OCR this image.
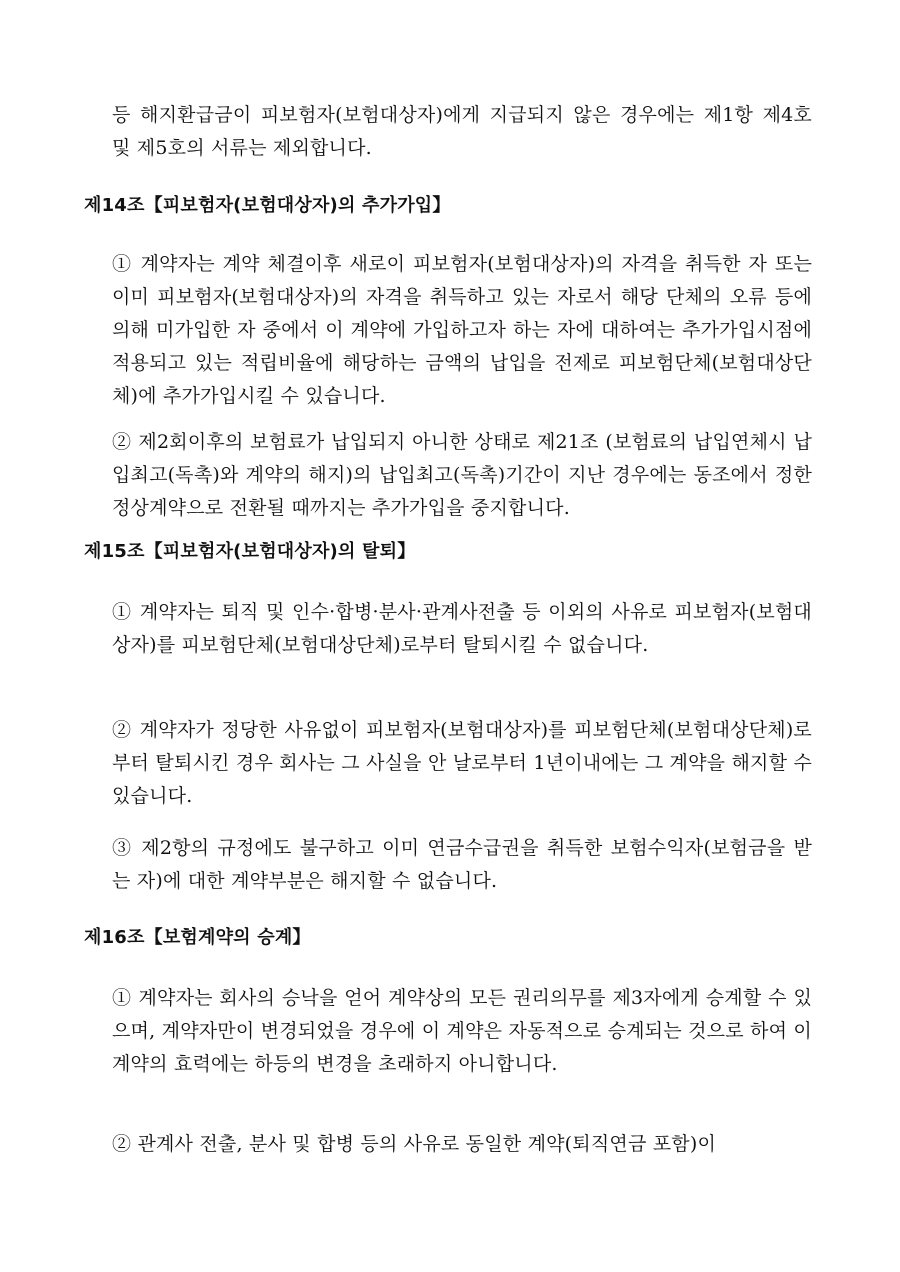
등 해지환급금이 피보험자(보험대상자)에게 지급되지 않은 경우에는 제1항 제4호 및 제5호의 서류는 제외합니다.

제14조【피보험자(보험대상자)의 추가가입】

① 계약자는 계약 체결이후 새로이 피보험자(보험대상자)의 자격을 취득한 자 또는 이미 피보험자(보험대상자)의 자격을 취득하고 있는 자로서 해당 단체의 오류 등에 의해 미가입한 자 중에서 이 계약에 가입하고자 하는 자에 대하여는 추가가입시점에 적용되고 있는 적립비율에 해당하는 금액의 납입을 전제로 피보험단체(보험대상단체)에 추가가입시킬 수 있습니다.

② 제2회이후의 보험료가 납입되지 아니한 상태로 제21조 (보험료의 납입연체시 납입최고(독촉)와 계약의 해지)의 납입최고(독촉)기간이 지난 경우에는 동조에서 정한 정상계약으로 전환될 때까지는 추가가입을 중지합니다.

제15조【피보험자(보험대상자)의 탈퇴】

① 계약자는 퇴직 및 인수·합병·분사·관계사전출 등 이외의 사유로 피보험자(보험대상자)를 피보험단체(보험대상단체)로부터 탈퇴시킬 수 없습니다.

② 계약자가 정당한 사유없이 피보험자(보험대상자)를 피보험단체(보험대상단체)로부터 탈퇴시킨 경우 회사는 그 사실을 안 날로부터 1년이내에는 그 계약을 해지할 수 있습니다.

③ 제2항의 규정에도 불구하고 이미 연금수급권을 취득한 보험수익자(보험금을 받는 자)에 대한 계약부분은 해지할 수 없습니다.

제16조【보험계약의 승계】

① 계약자는 회사의 승낙을 얻어 계약상의 모든 권리의무를 제3자에게 승계할 수 있으며, 계약자만이 변경되었을 경우에 이 계약은 자동적으로 승계되는 것으로 하여 이 계약의 효력에는 하등의 변경을 초래하지 아니합니다.

② 관계사 전출, 분사 및 합병 등의 사유로 동일한 계약(퇴직연금 포함)이
